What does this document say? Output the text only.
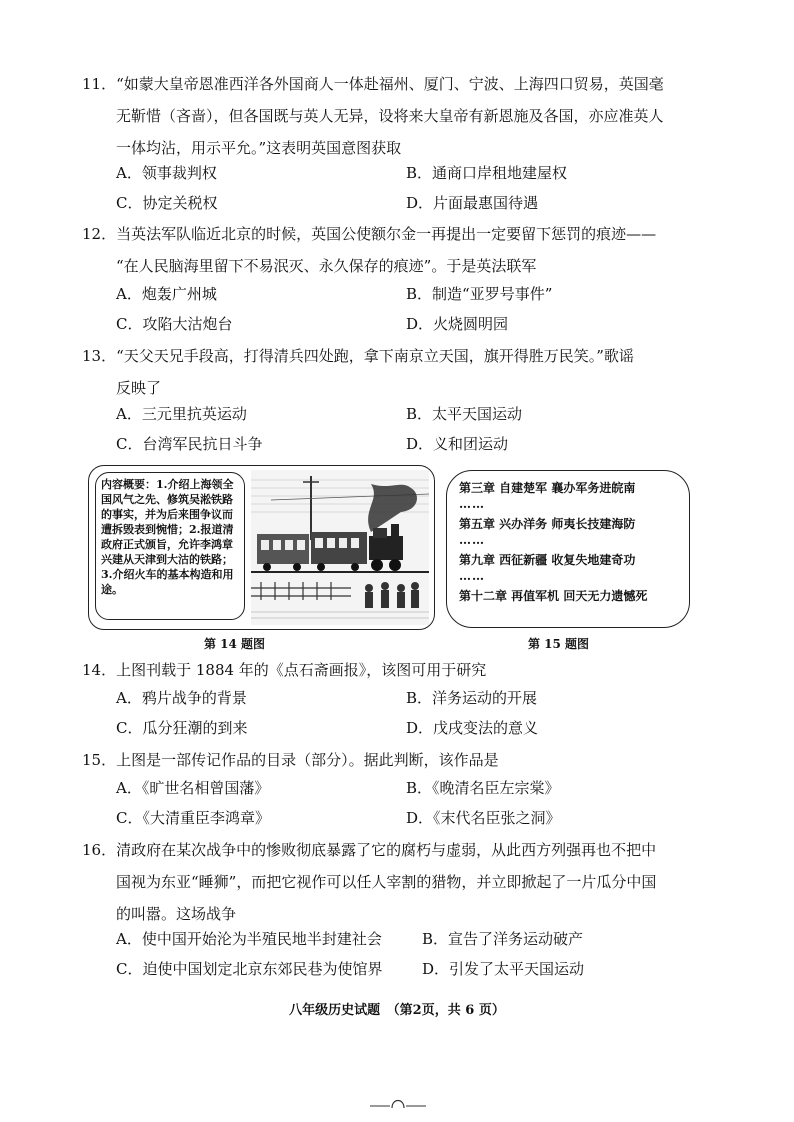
11．“如蒙大皇帝恩准西洋各外国商人一体赴福州、厦门、宁波、上海四口贸易，英国毫
无靳惜（吝啬），但各国既与英人无异，设将来大皇帝有新恩施及各国，亦应准英人
一体均沾，用示平允。”这表明英国意图获取
A．领事裁判权	B．通商口岸租地建屋权
C．协定关税权	D．片面最惠国待遇
12．当英法军队临近北京的时候，英国公使额尔金一再提出一定要留下惩罚的痕迹——
“在人民脑海里留下不易泯灭、永久保存的痕迹”。于是英法联军
A．炮轰广州城	B．制造“亚罗号事件”
C．攻陷大沽炮台	D．火烧圆明园
13．“天父天兄手段高，打得清兵四处跑，拿下南京立天国，旗开得胜万民笑。”歌谣
反映了
A．三元里抗英运动	B．太平天国运动
C．台湾军民抗日斗争	D．义和团运动
内容概要：1.介绍上海领全国风气之先、修筑吴淞铁路的事实，并为后来围争议而遭拆毁表到惋惜；2.报道清政府正式颁旨，允许李鸿章兴建从天津到大沽的铁路；3.介绍火车的基本构造和用途。
第 14 题图
第三章 自建楚军 襄办军务进皖南
……
第五章 兴办洋务 师夷长技建海防
……
第九章 西征新疆 收复失地建奇功
……
第十二章 再值军机 回天无力遗憾死
第 15 题图
14．上图刊载于 1884 年的《点石斋画报》，该图可用于研究
A．鸦片战争的背景	B．洋务运动的开展
C．瓜分狂潮的到来	D．戊戌变法的意义
15．上图是一部传记作品的目录（部分）。据此判断，该作品是
A．《旷世名相曾国藩》	B．《晚清名臣左宗棠》
C．《大清重臣李鸿章》	D．《末代名臣张之洞》
16．清政府在某次战争中的惨败彻底暴露了它的腐朽与虚弱，从此西方列强再也不把中
国视为东亚“睡狮”，而把它视作可以任人宰割的猎物，并立即掀起了一片瓜分中国
的叫嚣。这场战争
A．使中国开始沦为半殖民地半封建社会	B．宣告了洋务运动破产
C．迫使中国划定北京东郊民巷为使馆界	D．引发了太平天国运动
八年级历史试题　（第2页，共 6 页）
